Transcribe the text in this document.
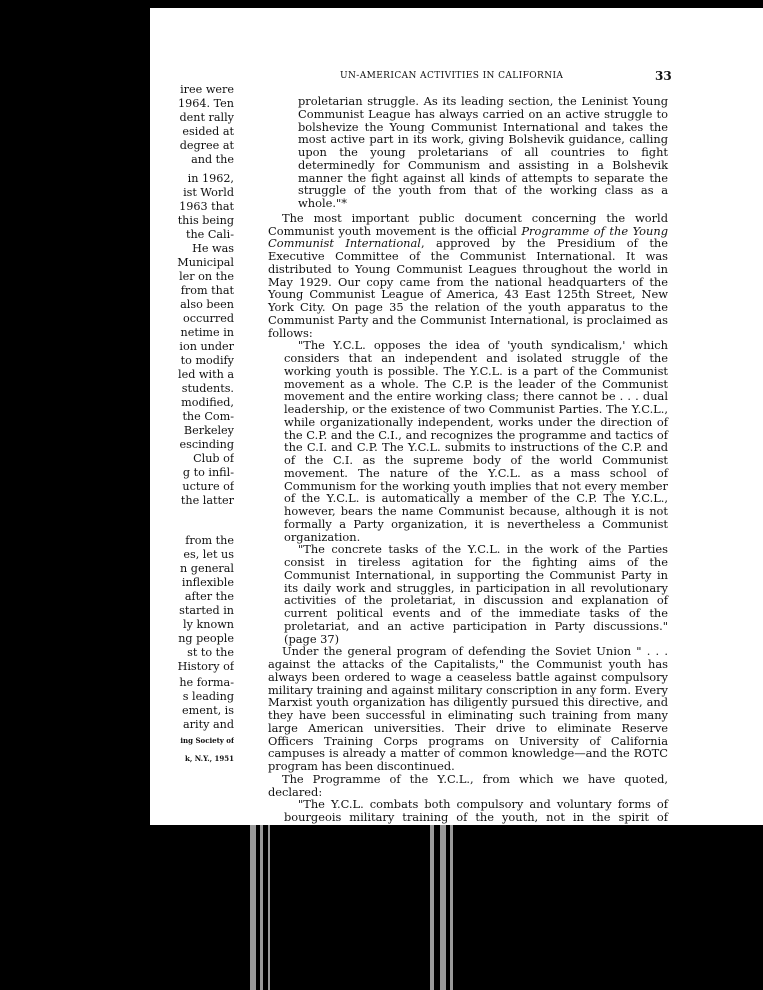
iree were
1964. Ten
dent rally
esided at
degree at
and the
in 1962,
ist World
1963 that
this being
the Cali-
He was
Municipal
ler on the
from that
also been
occurred
netime in
ion under
to modify
led with a
students.
modified,
the Com-
Berkeley
escinding
Club of
g to infil-
ucture of
the latter
from the
es, let us
n general
inflexible
after the
started in
ly known
ng people
st to the
History of
he forma-
s leading
ement, is
arity and
ing Society of
k, N.Y., 1951
UN-AMERICAN ACTIVITIES IN CALIFORNIA	33

proletarian struggle. As its leading section, the Leninist Young Communist League has always carried on an active struggle to bolshevize the Young Communist International and takes the most active part in its work, giving Bolshevik guidance, calling upon the young proletarians of all countries to fight determinedly for Communism and assisting in a Bolshevik manner the fight against all kinds of attempts to separate the struggle of the youth from that of the working class as a whole."*

The most important public document concerning the world Communist youth movement is the official Programme of the Young Communist International, approved by the Presidium of the Executive Committee of the Communist International. It was distributed to Young Communist Leagues throughout the world in May 1929. Our copy came from the national headquarters of the Young Communist League of America, 43 East 125th Street, New York City. On page 35 the relation of the youth apparatus to the Communist Party and the Communist International, is proclaimed as follows:

"The Y.C.L. opposes the idea of 'youth syndicalism,' which considers that an independent and isolated struggle of the working youth is possible. The Y.C.L. is a part of the Communist movement as a whole. The C.P. is the leader of the Communist movement and the entire working class; there cannot be . . . dual leadership, or the existence of two Communist Parties. The Y.C.L., while organizationally independent, works under the direction of the C.P. and the C.I., and recognizes the programme and tactics of the C.I. and C.P. The Y.C.L. submits to instructions of the C.P. and of the C.I. as the supreme body of the world Communist movement. The nature of the Y.C.L. as a mass school of Communism for the working youth implies that not every member of the Y.C.L. is automatically a member of the C.P. The Y.C.L., however, bears the name Communist because, although it is not formally a Party organization, it is nevertheless a Communist organization.

"The concrete tasks of the Y.C.L. in the work of the Parties consist in tireless agitation for the fighting aims of the Communist International, in supporting the Communist Party in its daily work and struggles, in participation in all revolutionary activities of the proletariat, in discussion and explanation of current political events and of the immediate tasks of the proletariat, and an active participation in Party discussions." (page 37)

Under the general program of defending the Soviet Union " . . . against the attacks of the Capitalists," the Communist youth has always been ordered to wage a ceaseless battle against compulsory military training and against military conscription in any form. Every Marxist youth organization has diligently pursued this directive, and they have been successful in eliminating such training from many large American universities. Their drive to eliminate Reserve Officers Training Corps programs on University of California campuses is already a matter of common knowledge—and the ROTC program has been discontinued.

The Programme of the Y.C.L., from which we have quoted, declared:

"The Y.C.L. combats both compulsory and voluntary forms of bourgeois military training of the youth, not in the spirit of
